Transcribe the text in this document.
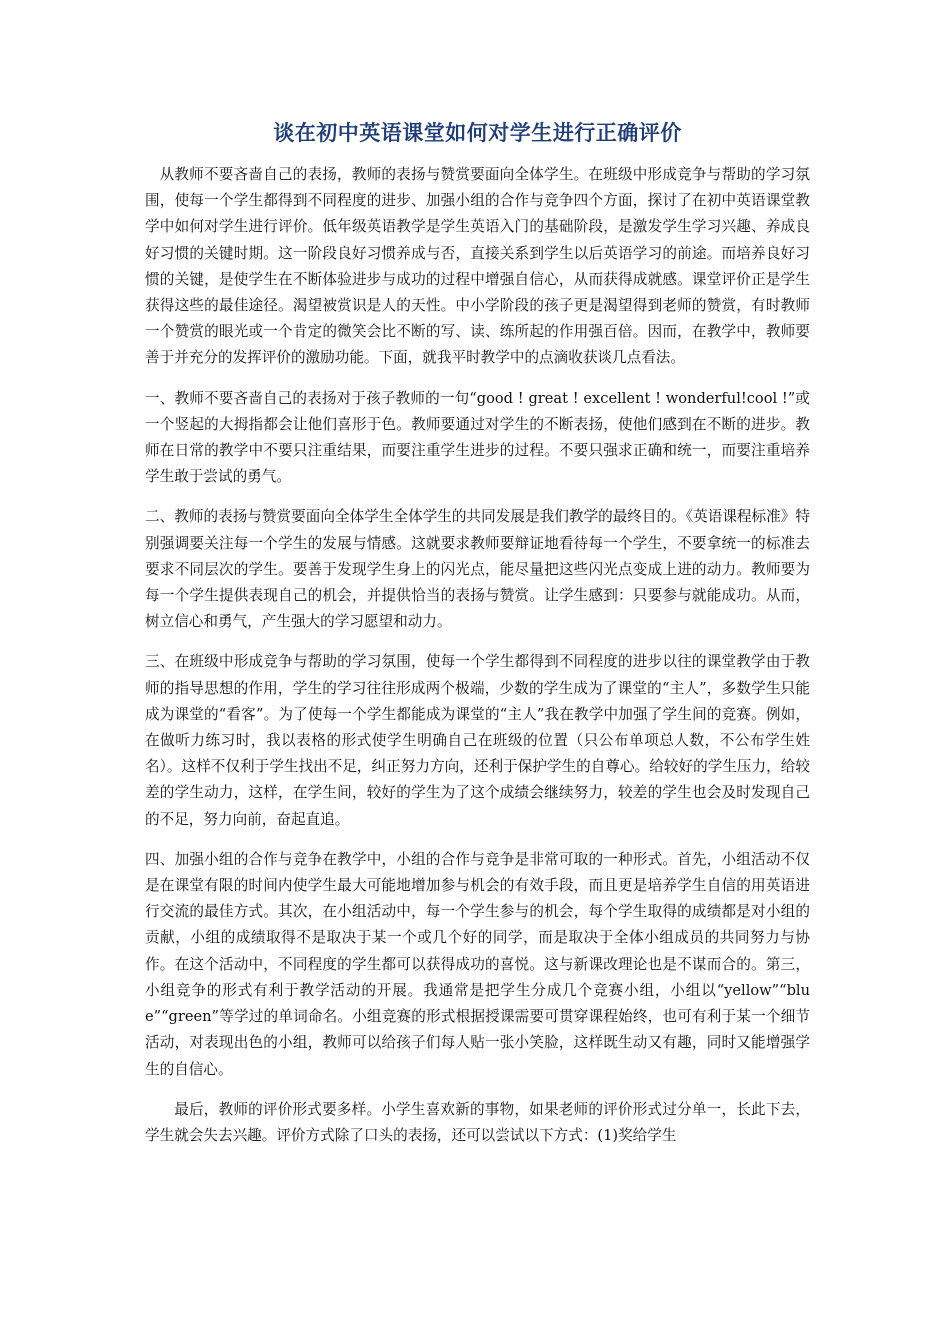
谈在初中英语课堂如何对学生进行正确评价

从教师不要吝啬自己的表扬，教师的表扬与赞赏要面向全体学生。在班级中形成竞争与帮助的学习氛围，使每一个学生都得到不同程度的进步、加强小组的合作与竞争四个方面，探讨了在初中英语课堂教学中如何对学生进行评价。低年级英语教学是学生英语入门的基础阶段，是激发学生学习兴趣、养成良好习惯的关键时期。这一阶段良好习惯养成与否，直接关系到学生以后英语学习的前途。而培养良好习惯的关键，是使学生在不断体验进步与成功的过程中增强自信心，从而获得成就感。课堂评价正是学生获得这些的最佳途径。渴望被赏识是人的天性。中小学阶段的孩子更是渴望得到老师的赞赏，有时教师一个赞赏的眼光或一个肯定的微笑会比不断的写、读、练所起的作用强百倍。因而，在教学中，教师要善于并充分的发挥评价的激励功能。下面，就我平时教学中的点滴收获谈几点看法。

一、教师不要吝啬自己的表扬对于孩子教师的一句“good ! great ! excellent ! wonderful!cool !”或一个竖起的大拇指都会让他们喜形于色。教师要通过对学生的不断表扬，使他们感到在不断的进步。教师在日常的教学中不要只注重结果，而要注重学生进步的过程。不要只强求正确和统一，而要注重培养学生敢于尝试的勇气。

二、教师的表扬与赞赏要面向全体学生全体学生的共同发展是我们教学的最终目的。《英语课程标准》特别强调要关注每一个学生的发展与情感。这就要求教师要辩证地看待每一个学生，不要拿统一的标准去要求不同层次的学生。要善于发现学生身上的闪光点，能尽量把这些闪光点变成上进的动力。教师要为每一个学生提供表现自己的机会，并提供恰当的表扬与赞赏。让学生感到：只要参与就能成功。从而，树立信心和勇气，产生强大的学习愿望和动力。

三、在班级中形成竞争与帮助的学习氛围，使每一个学生都得到不同程度的进步以往的课堂教学由于教师的指导思想的作用，学生的学习往往形成两个极端，少数的学生成为了课堂的“主人”，多数学生只能成为课堂的“看客”。为了使每一个学生都能成为课堂的“主人”我在教学中加强了学生间的竞赛。例如，在做听力练习时，我以表格的形式使学生明确自己在班级的位置（只公布单项总人数，不公布学生姓名）。这样不仅利于学生找出不足，纠正努力方向，还利于保护学生的自尊心。给较好的学生压力，给较差的学生动力，这样，在学生间，较好的学生为了这个成绩会继续努力，较差的学生也会及时发现自己的不足，努力向前，奋起直追。

四、加强小组的合作与竞争在教学中，小组的合作与竞争是非常可取的一种形式。首先，小组活动不仅是在课堂有限的时间内使学生最大可能地增加参与机会的有效手段，而且更是培养学生自信的用英语进行交流的最佳方式。其次，在小组活动中，每一个学生参与的机会，每个学生取得的成绩都是对小组的贡献，小组的成绩取得不是取决于某一个或几个好的同学，而是取决于全体小组成员的共同努力与协作。在这个活动中，不同程度的学生都可以获得成功的喜悦。这与新课改理论也是不谋而合的。第三，小组竞争的形式有利于教学活动的开展。我通常是把学生分成几个竞赛小组，小组以“yellow”“blue”“green”等学过的单词命名。小组竞赛的形式根据授课需要可贯穿课程始终，也可有利于某一个细节活动，对表现出色的小组，教师可以给孩子们每人贴一张小笑脸，这样既生动又有趣，同时又能增强学生的自信心。

最后，教师的评价形式要多样。小学生喜欢新的事物，如果老师的评价形式过分单一，长此下去，学生就会失去兴趣。评价方式除了口头的表扬，还可以尝试以下方式：(1)奖给学生
